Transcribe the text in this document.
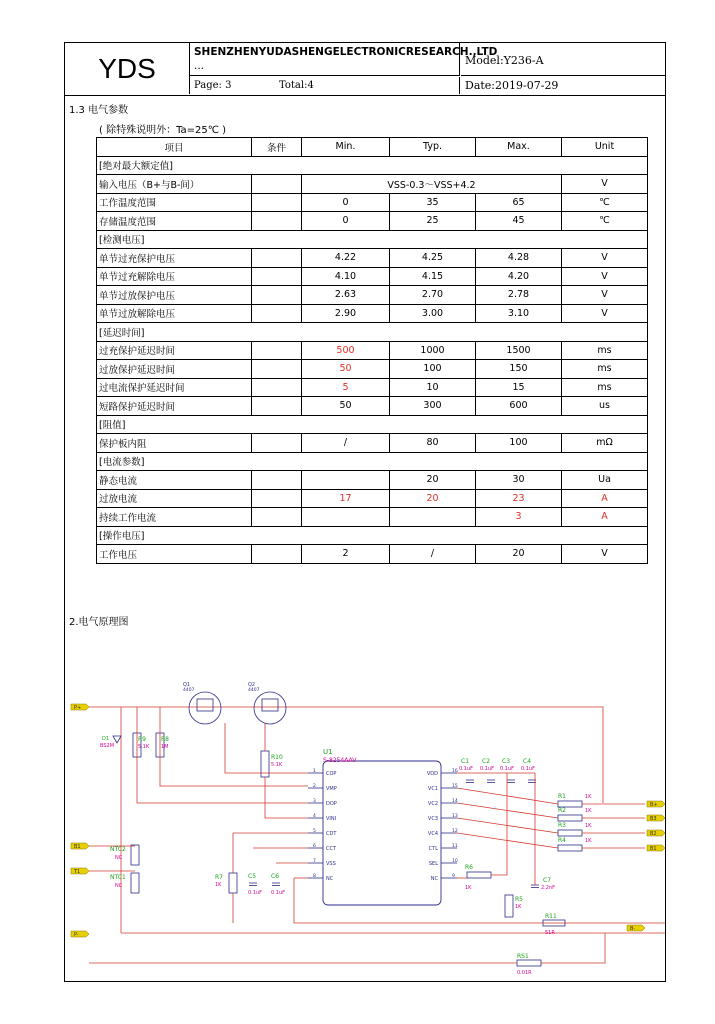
YDS
SHENZHENYUDASHENGELECTRONICRESEARCH.,LTD
...	Model:Y236-A
Page: 3	Total:4	Date:2019-07-29
1.3 电气参数
( 除特殊说明外：Ta=25℃ )
项目	条件	Min.	Typ.	Max.	Unit
[绝对最大额定值]					
输入电压（B+与B-间）		VSS-0.3～VSS+4.2			V
工作温度范围		0	35	65	℃
存储温度范围		0	25	45	℃
[检测电压]					
单节过充保护电压		4.22	4.25	4.28	V
单节过充解除电压		4.10	4.15	4.20	V
单节过放保护电压		2.63	2.70	2.78	V
单节过放解除电压		2.90	3.00	3.10	V
[延迟时间]					
过充保护延迟时间		500	1000	1500	ms
过放保护延迟时间		50	100	150	ms
过电流保护延迟时间		5	10	15	ms
短路保护延迟时间		50	300	600	us
[阻值]					
保护板内阻		/	80	100	mΩ
[电流参数]					
静态电流			20	30	Ua
过放电流		17	20	23	A
持续工作电流				3	A
[操作电压]					
工作电压		2	/	20	V
2.电气原理图
P+
Q1
4407
Q2
4407
P-
B-
D1
BS2M
R9
5.1K
R8
1M
R10
5.1K
B1
T1
NTC2
NC
NTC1
NC
R7
1K
C5
0.1uF
C6
0.1uF
U1
S-8254AAV
1 COP
2 VMP
3 DOP
4 VINI
5 CDT
6 CCT
7 VSS
8 NC
16
VDD
15
VC1
14
VC2
13
VC3
12
VC4
11
CTL
10
SEL
9
NC
C1
0.1uF
C2
0.1uF
C3
0.1uF
C4
0.1uF
R1	1K
B+
R2	1K
B3
R3	1K
B2
R4	1K
B1
R6
1K
R5
1K
C7
2.2nF
R11
51R
RS1
0.01R
